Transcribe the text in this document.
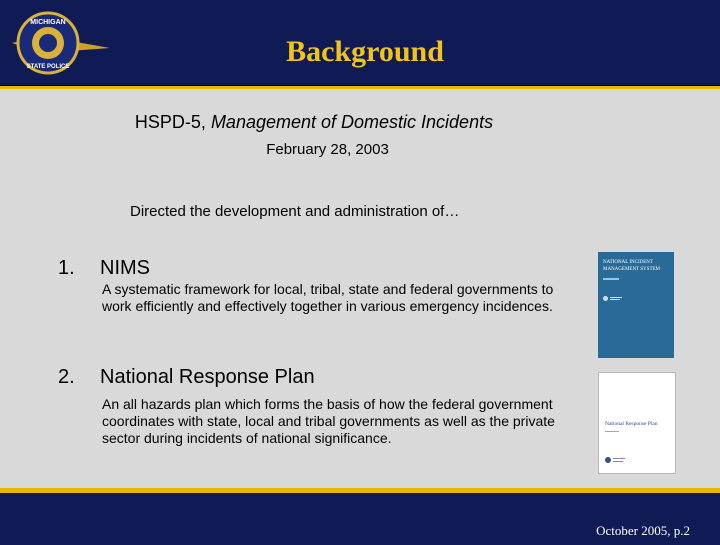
MICHIGAN
STATE POLICE	Background
HSPD-5, Management of Domestic Incidents
February 28, 2003
Directed the development and administration of…
1. NIMS
A systematic framework for local, tribal, state and federal governments to work efficiently and effectively together in various emergency incidences.
2. National Response Plan
An all hazards plan which forms the basis of how the federal government coordinates with state, local and tribal governments as well as the private sector during incidents of national significance.
NATIONAL INCIDENT
MANAGEMENT SYSTEM
National Response Plan
October 2005, p.2
